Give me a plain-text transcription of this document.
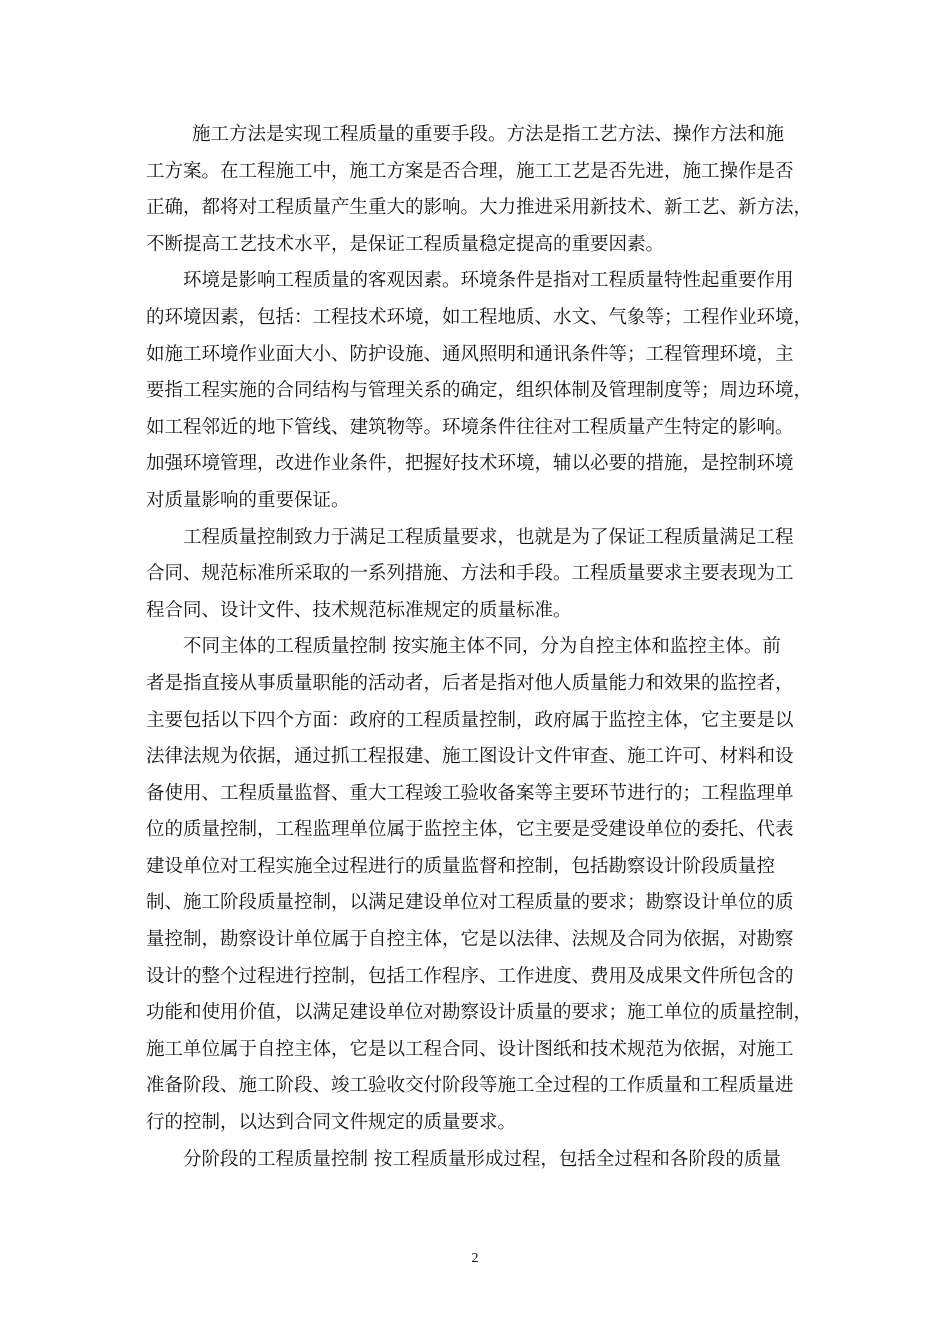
施工方法是实现工程质量的重要手段。方法是指工艺方法、操作方法和施
工方案。在工程施工中，施工方案是否合理，施工工艺是否先进，施工操作是否
正确，都将对工程质量产生重大的影响。大力推进采用新技术、新工艺、新方法，
不断提高工艺技术水平，是保证工程质量稳定提高的重要因素。
环境是影响工程质量的客观因素。环境条件是指对工程质量特性起重要作用
的环境因素，包括：工程技术环境，如工程地质、水文、气象等；工程作业环境，
如施工环境作业面大小、防护设施、通风照明和通讯条件等；工程管理环境，主
要指工程实施的合同结构与管理关系的确定，组织体制及管理制度等；周边环境，
如工程邻近的地下管线、建筑物等。环境条件往往对工程质量产生特定的影响。
加强环境管理，改进作业条件，把握好技术环境，辅以必要的措施，是控制环境
对质量影响的重要保证。
工程质量控制致力于满足工程质量要求，也就是为了保证工程质量满足工程
合同、规范标准所采取的一系列措施、方法和手段。工程质量要求主要表现为工
程合同、设计文件、技术规范标准规定的质量标准。
不同主体的工程质量控制 按实施主体不同，分为自控主体和监控主体。前
者是指直接从事质量职能的活动者，后者是指对他人质量能力和效果的监控者，
主要包括以下四个方面：政府的工程质量控制，政府属于监控主体，它主要是以
法律法规为依据，通过抓工程报建、施工图设计文件审查、施工许可、材料和设
备使用、工程质量监督、重大工程竣工验收备案等主要环节进行的；工程监理单
位的质量控制，工程监理单位属于监控主体，它主要是受建设单位的委托、代表
建设单位对工程实施全过程进行的质量监督和控制，包括勘察设计阶段质量控
制、施工阶段质量控制，以满足建设单位对工程质量的要求；勘察设计单位的质
量控制，勘察设计单位属于自控主体，它是以法律、法规及合同为依据，对勘察
设计的整个过程进行控制，包括工作程序、工作进度、费用及成果文件所包含的
功能和使用价值，以满足建设单位对勘察设计质量的要求；施工单位的质量控制，
施工单位属于自控主体，它是以工程合同、设计图纸和技术规范为依据，对施工
准备阶段、施工阶段、竣工验收交付阶段等施工全过程的工作质量和工程质量进
行的控制，以达到合同文件规定的质量要求。
分阶段的工程质量控制 按工程质量形成过程，包括全过程和各阶段的质量
2
